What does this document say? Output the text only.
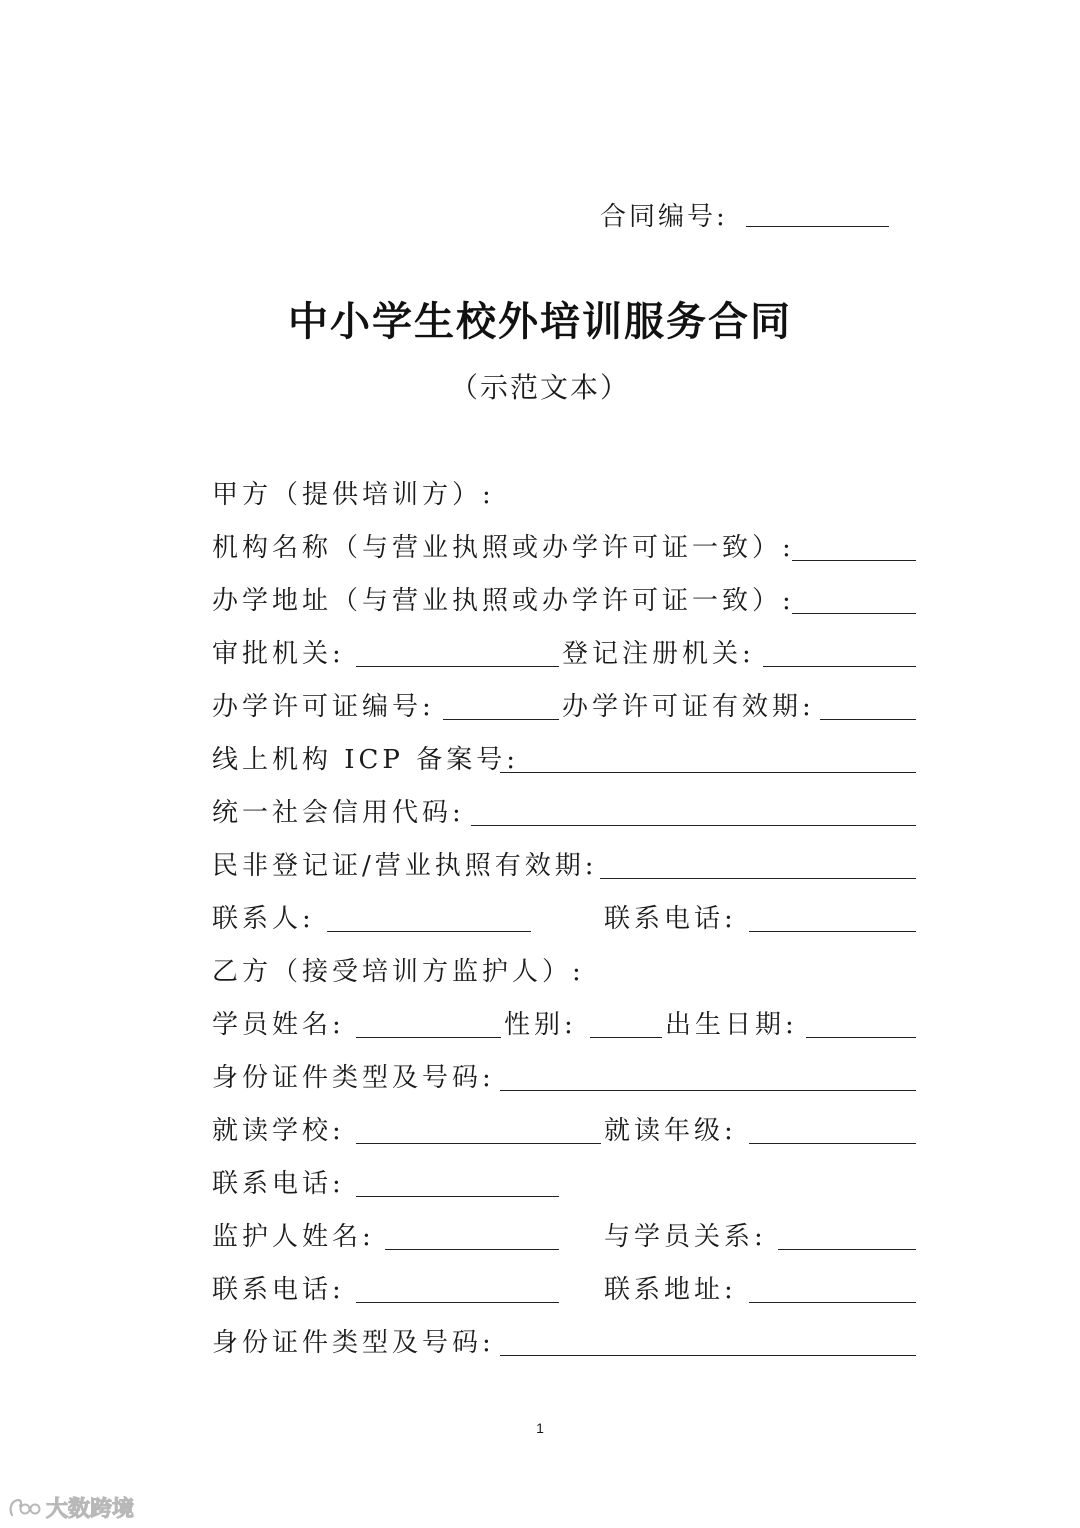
合同编号:
中小学生校外培训服务合同
（示范文本）
甲方（提供培训方）:
机构名称（与营业执照或办学许可证一致）:
办学地址（与营业执照或办学许可证一致）:
审批机关:	登记注册机关:
办学许可证编号:	办学许可证有效期:
线上机构 ICP 备案号:
统一社会信用代码:
民非登记证/营业执照有效期:
联系人:	联系电话:
乙方（接受培训方监护人）:
学员姓名:	性别:	出生日期:
身份证件类型及号码:
就读学校:	就读年级:
联系电话:
监护人姓名:	与学员关系:
联系电话:	联系地址:
身份证件类型及号码:
1
大数跨境
